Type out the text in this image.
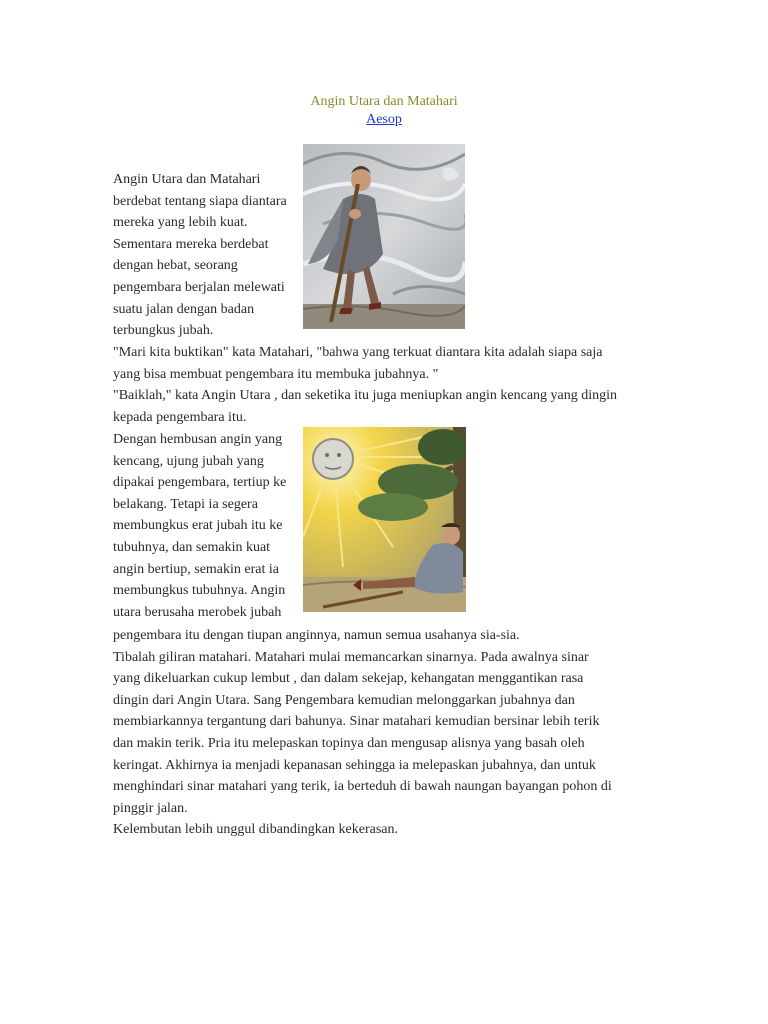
Angin Utara dan Matahari
Aesop

Angin Utara dan Matahari

berdebat tentang siapa diantara

mereka yang lebih kuat.

Sementara mereka berdebat

dengan hebat, seorang

pengembara berjalan melewati

suatu jalan dengan badan

terbungkus jubah.

"Mari kita buktikan" kata Matahari, "bahwa yang terkuat diantara kita adalah siapa saja

yang bisa membuat pengembara itu membuka jubahnya. "

"Baiklah," kata Angin Utara , dan seketika itu juga meniupkan angin kencang yang dingin

kepada pengembara itu.

Dengan hembusan angin yang

kencang, ujung jubah yang

dipakai pengembara, tertiup ke

belakang. Tetapi ia segera

membungkus erat jubah itu ke

tubuhnya, dan semakin kuat

angin bertiup, semakin erat ia

membungkus tubuhnya. Angin

utara berusaha merobek jubah

pengembara itu dengan tiupan anginnya, namun semua usahanya sia-sia.

Tibalah giliran matahari. Matahari mulai memancarkan sinarnya. Pada awalnya sinar

yang dikeluarkan cukup lembut , dan dalam sekejap, kehangatan menggantikan rasa

dingin dari Angin Utara. Sang Pengembara kemudian melonggarkan jubahnya dan

membiarkannya tergantung dari bahunya. Sinar matahari kemudian bersinar lebih terik

dan makin terik. Pria itu melepaskan topinya dan mengusap alisnya yang basah oleh

keringat. Akhirnya ia menjadi kepanasan sehingga ia melepaskan jubahnya, dan untuk

menghindari sinar matahari yang terik, ia berteduh di bawah naungan bayangan pohon di

pinggir jalan.

Kelembutan lebih unggul dibandingkan kekerasan.
